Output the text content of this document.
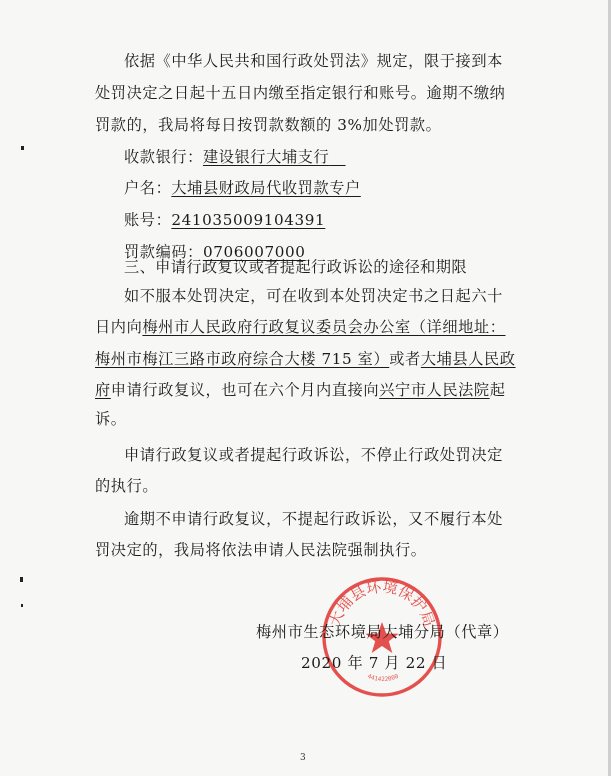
依据《中华人民共和国行政处罚法》规定，限于接到本
处罚决定之日起十五日内缴至指定银行和账号。逾期不缴纳
罚款的，我局将每日按罚款数额的 3%加处罚款。
收款银行：建设银行大埔支行
户名：大埔县财政局代收罚款专户
账号：241035009104391
罚款编码：0706007000
三、申请行政复议或者提起行政诉讼的途径和期限
如不服本处罚决定，可在收到本处罚决定书之日起六十
日内向梅州市人民政府行政复议委员会办公室（详细地址：
梅州市梅江三路市政府综合大楼 715 室）或者大埔县人民政
府申请行政复议，也可在六个月内直接向兴宁市人民法院起
诉。
申请行政复议或者提起行政诉讼，不停止行政处罚决定
的执行。
逾期不申请行政复议，不提起行政诉讼，又不履行本处
罚决定的，我局将依法申请人民法院强制执行。
大埔县环境保护局
441422000
梅州市生态环境局大埔分局（代章）
2020 年 7 月 22 日
3
